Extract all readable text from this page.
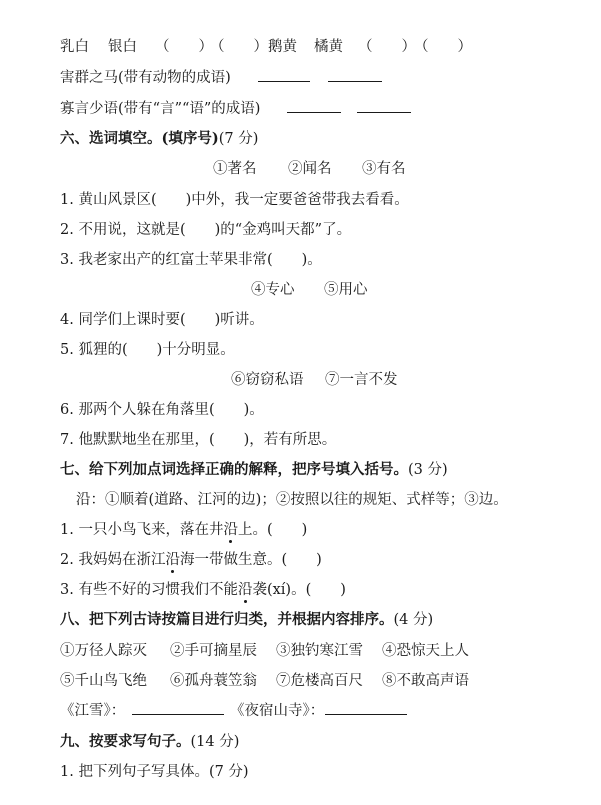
乳白 银白 （　　）
（　　） 鹅黄 橘黄 （　　）
（　　）
害群之马(带有动物的成语)
寡言少语(带有“言”“语”的成语)
六、选词填空。(填序号)(7 分)
①著名 ②闻名 ③有名
1. 黄山风景区(　　)中外，我一定要爸爸带我去看看。
2. 不用说，这就是(　　)的“金鸡叫天都”了。
3. 我老家出产的红富士苹果非常(　　)。
④专心 ⑤用心
4. 同学们上课时要(　　)听讲。
5. 狐狸的(　　)十分明显。
⑥窃窃私语 ⑦一言不发
6. 那两个人躲在角落里(　　)。
7. 他默默地坐在那里，(　　)，若有所思。
七、给下列加点词选择正确的解释，把序号填入括号。(3 分)
沿：①顺着(道路、江河的边)；②按照以往的规矩、式样等；③边。
1. 一只小鸟飞来，落在井沿上。(　　)
2. 我妈妈在浙江沿海一带做生意。(　　)
3. 有些不好的习惯我们不能沿袭(xí)。(　　)
八、把下列古诗按篇目进行归类，并根据内容排序。(4 分)
①万径人踪灭 ②手可摘星辰 ③独钓寒江雪 ④恐惊天上人
⑤千山鸟飞绝 ⑥孤舟蓑笠翁 ⑦危楼高百尺 ⑧不敢高声语
《江雪》：	《夜宿山寺》：
九、按要求写句子。(14 分)
1. 把下列句子写具体。(7 分)
